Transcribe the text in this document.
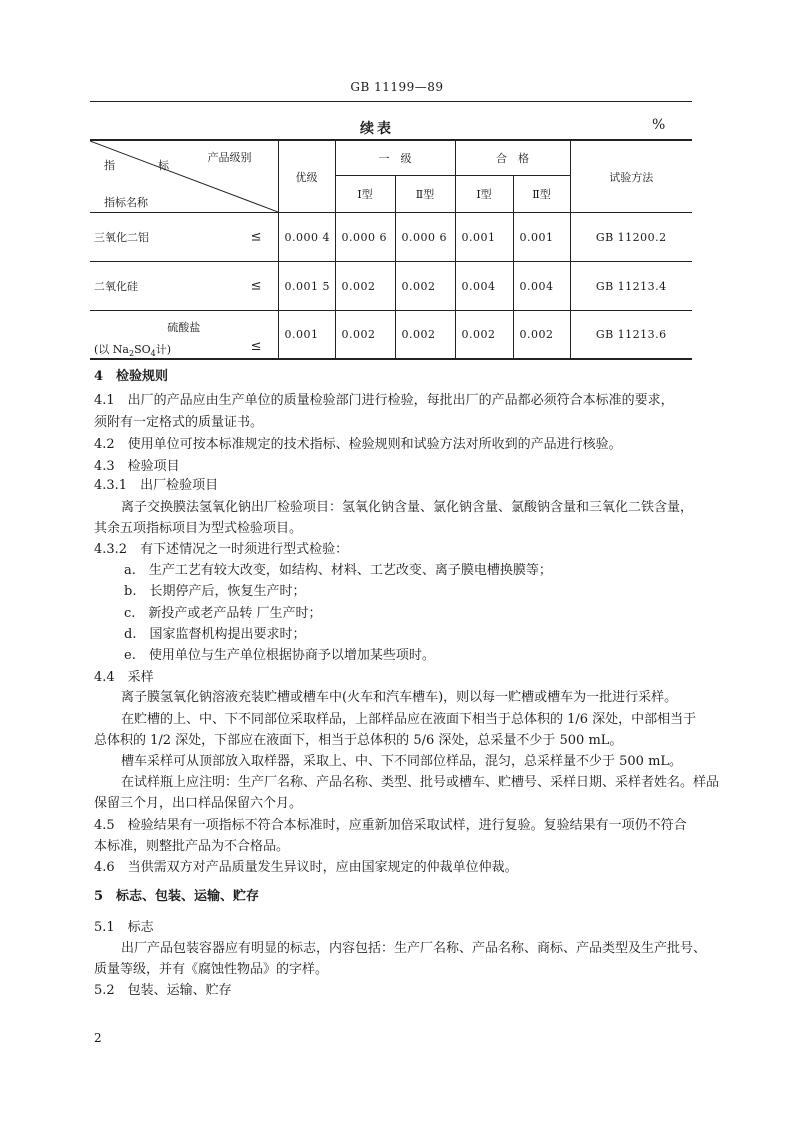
GB 11199—89
续表	%
指　标
产品级别
指标名称	优级	一　级		合　格		试验方法
		Ⅰ型	Ⅱ型	Ⅰ型	Ⅱ型	

三氧化二铝 ≤	0.000 4	0.000 6	0.000 6	0.001	0.001	GB 11200.2

二氧化硅 ≤	0.001 5	0.002	0.002	0.004	0.004	GB 11213.4

硫酸盐
(以 $Na_2SO_4$计) ≤	0.001	0.002	0.002	0.002	0.002	GB 11213.6
4　检验规则
4.1　出厂的产品应由生产单位的质量检验部门进行检验，每批出厂的产品都必须符合本标准的要求，
须附有一定格式的质量证书。
4.2　使用单位可按本标准规定的技术指标、检验规则和试验方法对所收到的产品进行核验。
4.3　检验项目
4.3.1　出厂检验项目
离子交换膜法氢氧化钠出厂检验项目：氢氧化钠含量、氯化钠含量、氯酸钠含量和三氧化二铁含量，
其余五项指标项目为型式检验项目。
4.3.2　有下述情况之一时须进行型式检验：
a.　生产工艺有较大改变，如结构、材料、工艺改变、离子膜电槽换膜等；
b.　长期停产后，恢复生产时；
c.　新投产或老产品转 厂生产时；
d.　国家监督机构提出要求时；
e.　使用单位与生产单位根据协商予以增加某些项时。
4.4　采样
离子膜氢氧化钠溶液充装贮槽或槽车中(火车和汽车槽车)，则以每一贮槽或槽车为一批进行采样。
在贮槽的上、中、下不同部位采取样品，上部样品应在液面下相当于总体积的 1/6 深处，中部相当于
总体积的 1/2 深处，下部应在液面下，相当于总体积的 5/6 深处，总采量不少于 500 mL。
槽车采样可从顶部放入取样器，采取上、中、下不同部位样品，混匀，总采样量不少于 500 mL。
在试样瓶上应注明：生产厂名称、产品名称、类型、批号或槽车、贮槽号、采样日期、采样者姓名。样品
保留三个月，出口样品保留六个月。
4.5　检验结果有一项指标不符合本标准时，应重新加倍采取试样，进行复验。复验结果有一项仍不符合
本标准，则整批产品为不合格品。
4.6　当供需双方对产品质量发生异议时，应由国家规定的仲裁单位仲裁。
5　标志、包装、运输、贮存
5.1　标志
出厂产品包装容器应有明显的标志，内容包括：生产厂名称、产品名称、商标、产品类型及生产批号、
质量等级，并有《腐蚀性物品》的字样。
5.2　包装、运输、贮存
2
